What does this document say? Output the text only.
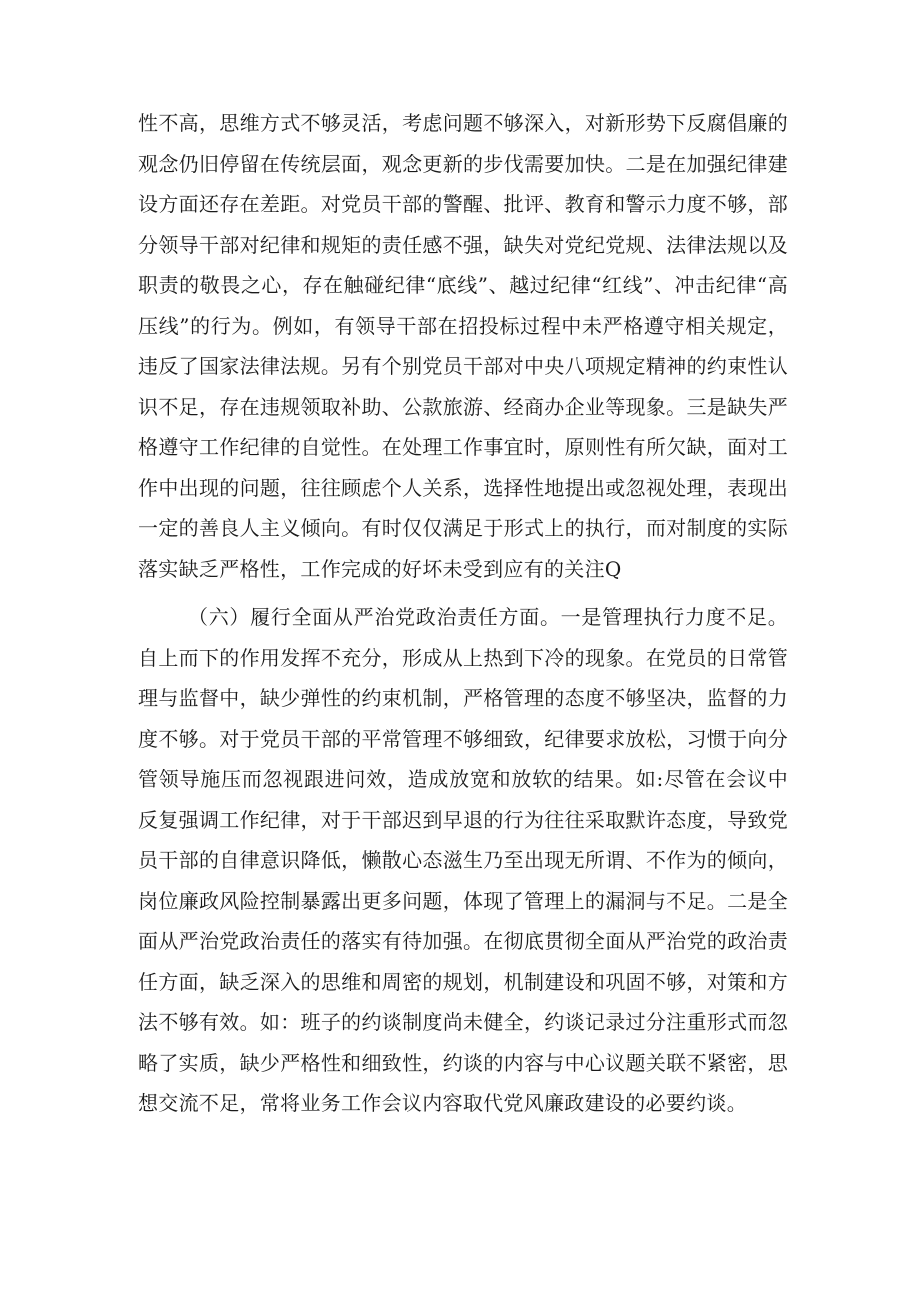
性不高，思维方式不够灵活，考虑问题不够深入，对新形势下反腐倡廉的观念仍旧停留在传统层面，观念更新的步伐需要加快。二是在加强纪律建设方面还存在差距。对党员干部的警醒、批评、教育和警示力度不够，部分领导干部对纪律和规矩的责任感不强，缺失对党纪党规、法律法规以及职责的敬畏之心，存在触碰纪律“底线”、越过纪律“红线”、冲击纪律“高压线”的行为。例如，有领导干部在招投标过程中未严格遵守相关规定，违反了国家法律法规。另有个别党员干部对中央八项规定精神的约束性认识不足，存在违规领取补助、公款旅游、经商办企业等现象。三是缺失严格遵守工作纪律的自觉性。在处理工作事宜时，原则性有所欠缺，面对工作中出现的问题，往往顾虑个人关系，选择性地提出或忽视处理，表现出一定的善良人主义倾向。有时仅仅满足于形式上的执行，而对制度的实际落实缺乏严格性，工作完成的好坏未受到应有的关注Q

（六）履行全面从严治党政治责任方面。一是管理执行力度不足。自上而下的作用发挥不充分，形成从上热到下冷的现象。在党员的日常管理与监督中，缺少弹性的约束机制，严格管理的态度不够坚决，监督的力度不够。对于党员干部的平常管理不够细致，纪律要求放松，习惯于向分管领导施压而忽视跟进问效，造成放宽和放软的结果。如:尽管在会议中反复强调工作纪律，对于干部迟到早退的行为往往采取默许态度，导致党员干部的自律意识降低，懒散心态滋生乃至出现无所谓、不作为的倾向，岗位廉政风险控制暴露出更多问题，体现了管理上的漏洞与不足。二是全面从严治党政治责任的落实有待加强。在彻底贯彻全面从严治党的政治责任方面，缺乏深入的思维和周密的规划，机制建设和巩固不够，对策和方法不够有效。如：班子的约谈制度尚未健全，约谈记录过分注重形式而忽略了实质，缺少严格性和细致性，约谈的内容与中心议题关联不紧密，思想交流不足，常将业务工作会议内容取代党风廉政建设的必要约谈。
